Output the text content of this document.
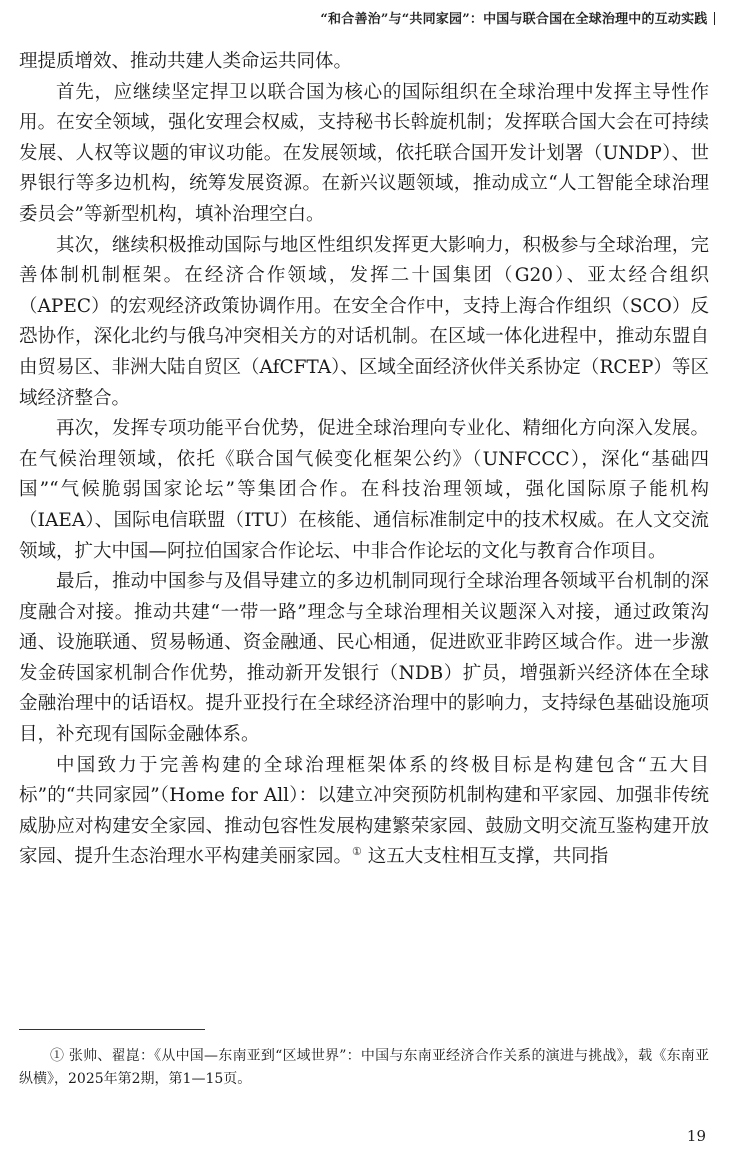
“和合善治”与“共同家园”：中国与联合国在全球治理中的互动实践

理提质增效、推动共建人类命运共同体。

首先，应继续坚定捍卫以联合国为核心的国际组织在全球治理中发挥主导性作用。在安全领域，强化安理会权威，支持秘书长斡旋机制；发挥联合国大会在可持续发展、人权等议题的审议功能。在发展领域，依托联合国开发计划署（UNDP）、世界银行等多边机构，统筹发展资源。在新兴议题领域，推动成立“人工智能全球治理委员会”等新型机构，填补治理空白。

其次，继续积极推动国际与地区性组织发挥更大影响力，积极参与全球治理，完善体制机制框架。在经济合作领域，发挥二十国集团（G20）、亚太经合组织（APEC）的宏观经济政策协调作用。在安全合作中，支持上海合作组织（SCO）反恐协作，深化北约与俄乌冲突相关方的对话机制。在区域一体化进程中，推动东盟自由贸易区、非洲大陆自贸区（AfCFTA）、区域全面经济伙伴关系协定（RCEP）等区域经济整合。

再次，发挥专项功能平台优势，促进全球治理向专业化、精细化方向深入发展。在气候治理领域，依托《联合国气候变化框架公约》（UNFCCC），深化“基础四国”“气候脆弱国家论坛”等集团合作。在科技治理领域，强化国际原子能机构（IAEA）、国际电信联盟（ITU）在核能、通信标准制定中的技术权威。在人文交流领域，扩大中国—阿拉伯国家合作论坛、中非合作论坛的文化与教育合作项目。

最后，推动中国参与及倡导建立的多边机制同现行全球治理各领域平台机制的深度融合对接。推动共建“一带一路”理念与全球治理相关议题深入对接，通过政策沟通、设施联通、贸易畅通、资金融通、民心相通，促进欧亚非跨区域合作。进一步激发金砖国家机制合作优势，推动新开发银行（NDB）扩员，增强新兴经济体在全球金融治理中的话语权。提升亚投行在全球经济治理中的影响力，支持绿色基础设施项目，补充现有国际金融体系。

中国致力于完善构建的全球治理框架体系的终极目标是构建包含“五大目标”的“共同家园”（Home for All）：以建立冲突预防机制构建和平家园、加强非传统威胁应对构建安全家园、推动包容性发展构建繁荣家园、鼓励文明交流互鉴构建开放家园、提升生态治理水平构建美丽家园。① 这五大支柱相互支撑，共同指

① 张帅、翟崑：《从中国—东南亚到“区域世界”：中国与东南亚经济合作关系的演进与挑战》，载《东南亚纵横》，2025年第2期，第1—15页。

19
